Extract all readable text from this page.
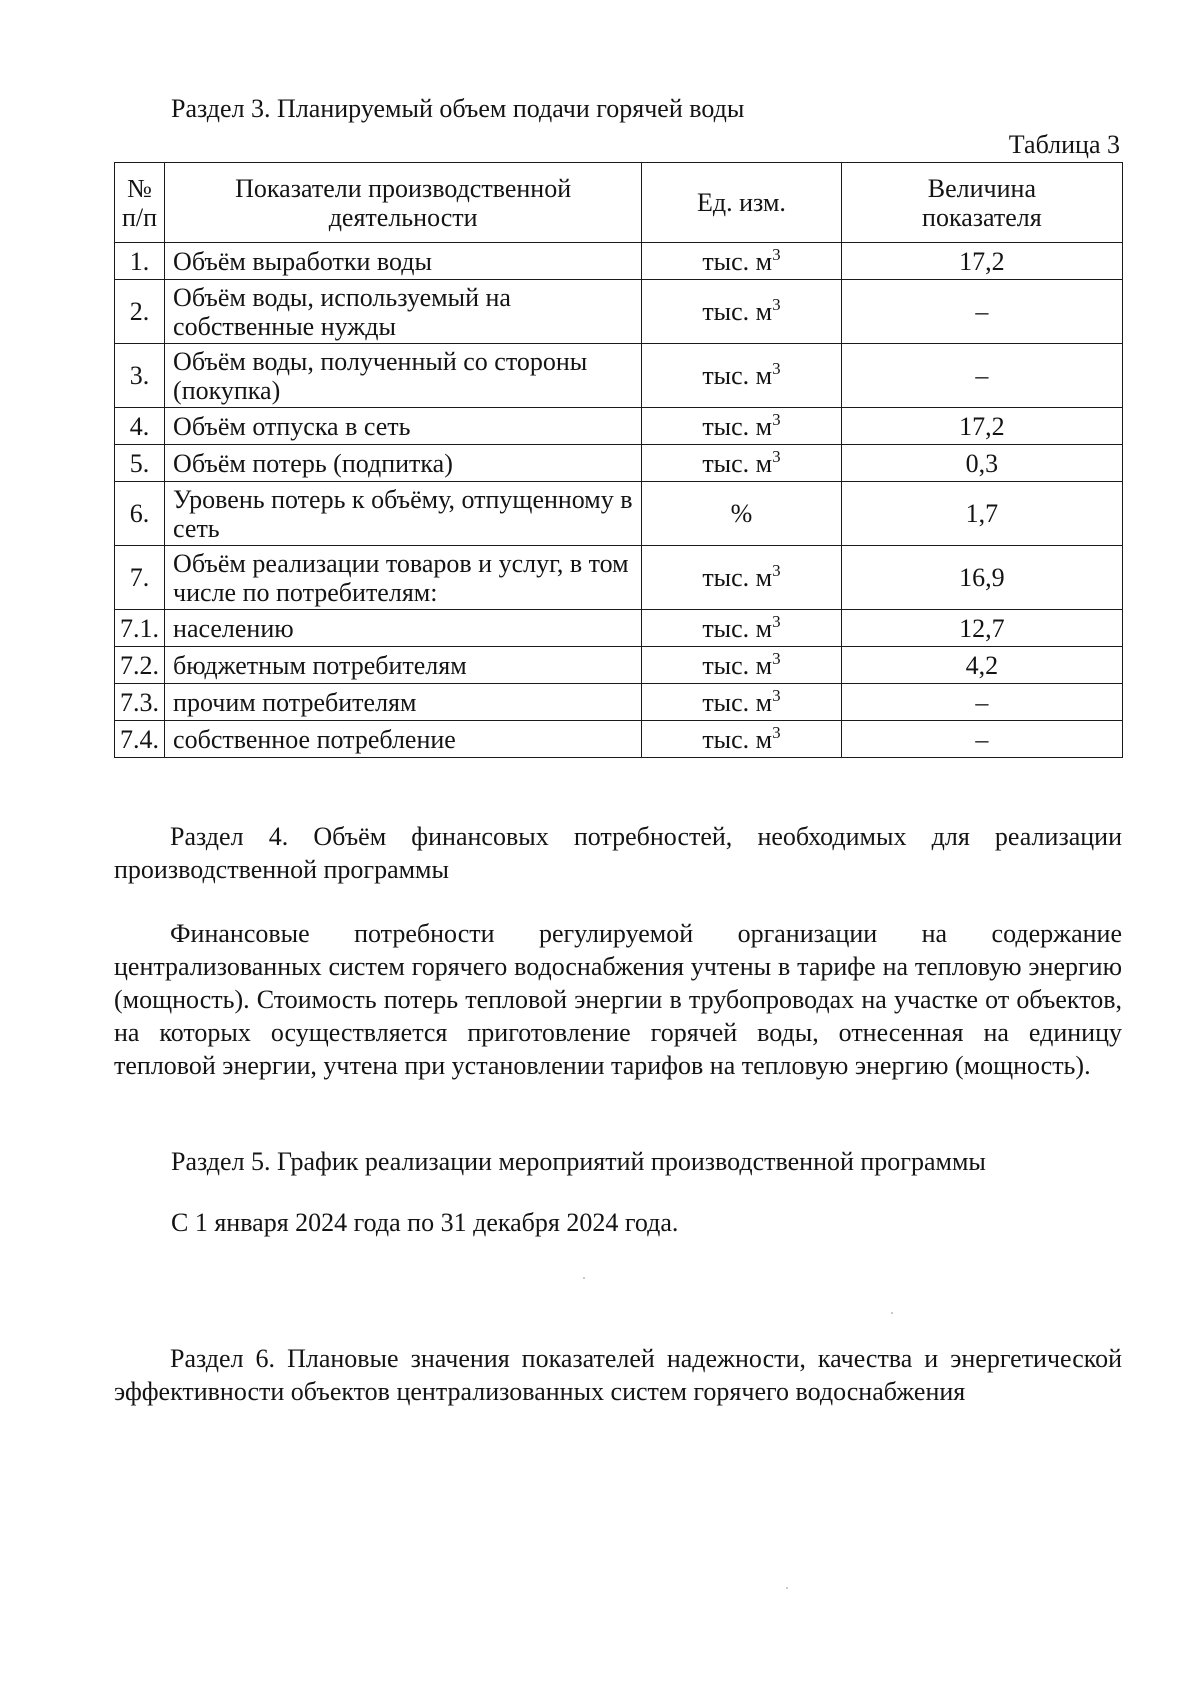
Раздел 3. Планируемый объем подачи горячей воды
Таблица 3
№ п/п	Показатели производственной деятельности	Ед. изм.	Величина показателя
1.	Объём выработки воды	тыс. $м^3$	17,2
2.	Объём воды, используемый на собственные нужды	тыс. $м^3$	–
3.	Объём воды, полученный со стороны (покупка)	тыс. $м^3$	–
4.	Объём отпуска в сеть	тыс. $м^3$	17,2
5.	Объём потерь (подпитка)	тыс. $м^3$	0,3
6.	Уровень потерь к объёму, отпущенному в сеть	%	1,7
7.	Объём реализации товаров и услуг, в том числе по потребителям:	тыс. $м^3$	16,9
7.1.	населению	тыс. $м^3$	12,7
7.2.	бюджетным потребителям	тыс. $м^3$	4,2
7.3.	прочим потребителям	тыс. $м^3$	–
7.4.	собственное потребление	тыс. $м^3$	–
Раздел 4. Объём финансовых потребностей, необходимых для реализации производственной программы
Финансовые потребности регулируемой организации на содержание централизованных систем горячего водоснабжения учтены в тарифе на тепловую энергию (мощность). Стоимость потерь тепловой энергии в трубопроводах на участке от объектов, на которых осуществляется приготовление горячей воды, отнесенная на единицу тепловой энергии, учтена при установлении тарифов на тепловую энергию (мощность).
Раздел 5. График реализации мероприятий производственной программы
С 1 января 2024 года по 31 декабря 2024 года.
Раздел 6. Плановые значения показателей надежности, качества и энергетической эффективности объектов централизованных систем горячего водоснабжения
